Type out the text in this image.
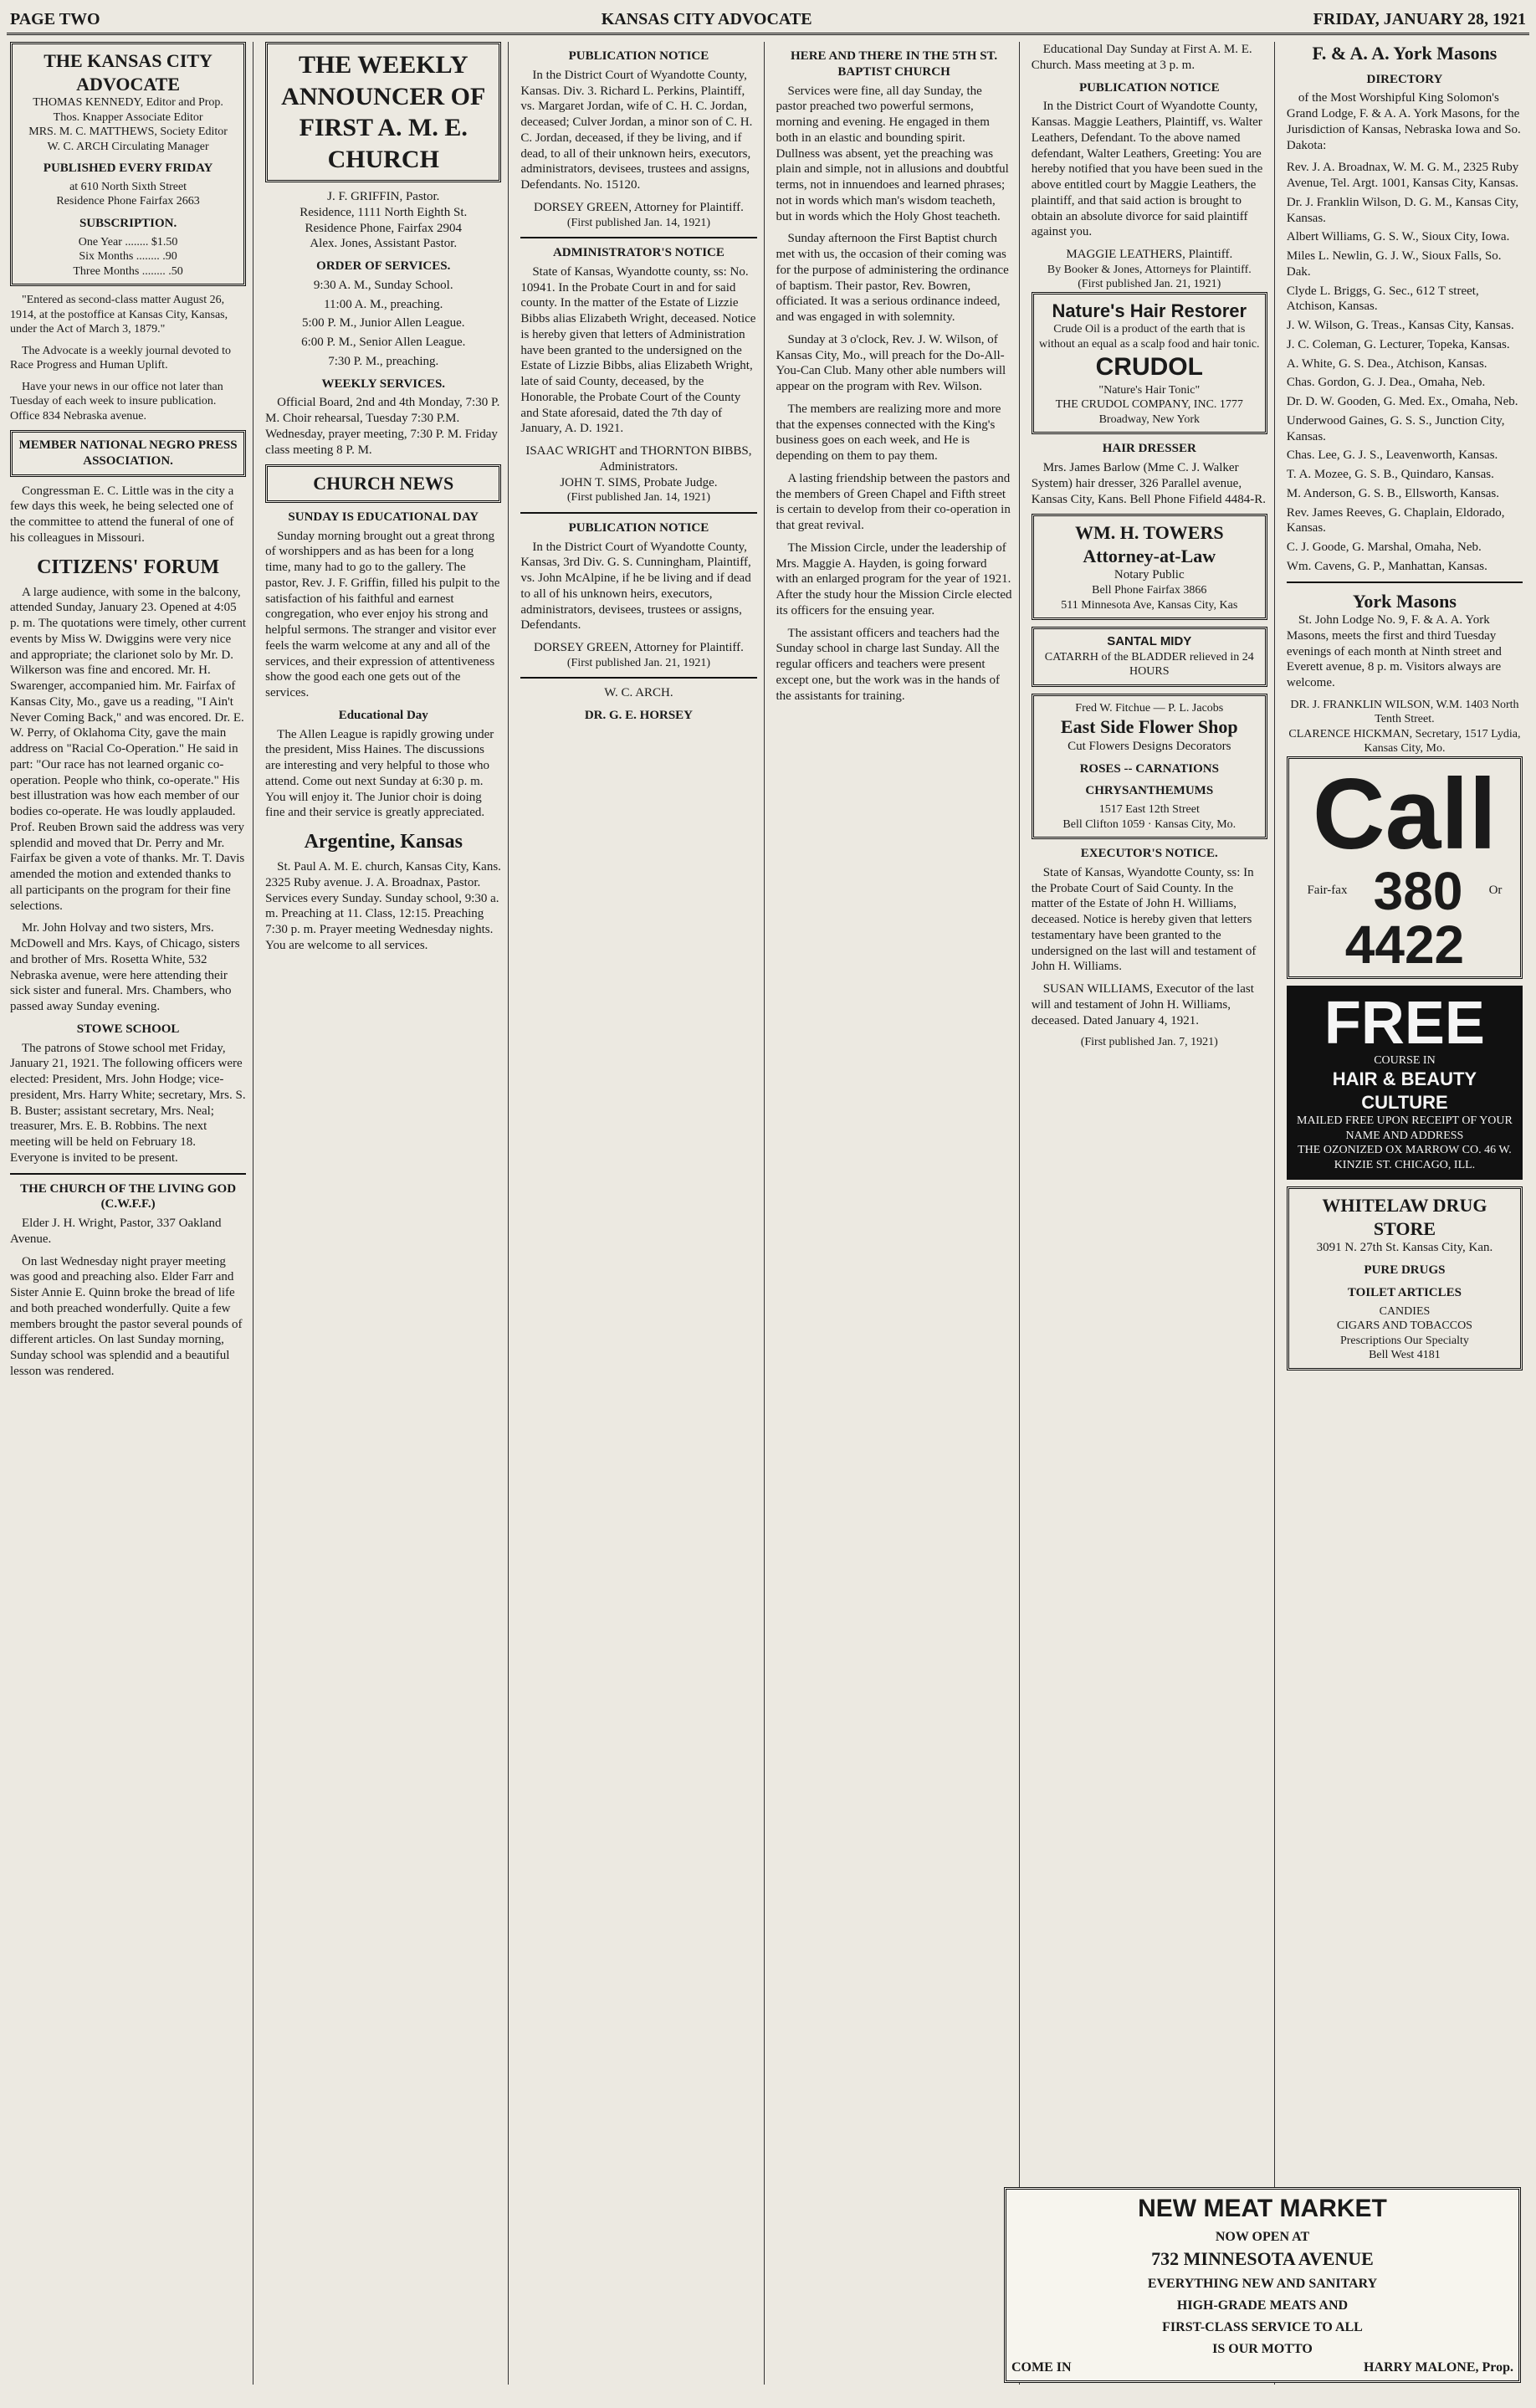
PAGE TWO	KANSAS CITY ADVOCATE	FRIDAY, JANUARY 28, 1921
THE KANSAS CITY ADVOCATE
THOMAS KENNEDY, Editor and Prop.
Thos. Knapper Associate Editor
MRS. M. C. MATTHEWS, Society Editor
W. C. ARCH Circulating Manager
PUBLISHED EVERY FRIDAY
at 610 North Sixth Street
Residence Phone Fairfax 2663
SUBSCRIPTION.
One Year ........ $1.50
Six Months ........ .90
Three Months ........ .50

"Entered as second-class matter August 26, 1914, at the postoffice at Kansas City, Kansas, under the Act of March 3, 1879."

The Advocate is a weekly journal devoted to Race Progress and Human Uplift.

Have your news in our office not later than Tuesday of each week to insure publication. Office 834 Nebraska avenue.

MEMBER NATIONAL NEGRO PRESS ASSOCIATION.

Congressman E. C. Little was in the city a few days this week, he being selected one of the committee to attend the funeral of one of his colleagues in Missouri.

CITIZENS' FORUM

A large audience, with some in the balcony, attended Sunday, January 23. Opened at 4:05 p. m. The quotations were timely, other current events by Miss W. Dwiggins were very nice and appropriate; the clarionet solo by Mr. D. Wilkerson was fine and encored. Mr. H. Swarenger, accompanied him. Mr. Fairfax of Kansas City, Mo., gave us a reading, "I Ain't Never Coming Back," and was encored. Dr. E. W. Perry, of Oklahoma City, gave the main address on "Racial Co-Operation." He said in part: "Our race has not learned organic co-operation. People who think, co-operate." His best illustration was how each member of our bodies co-operate. He was loudly applauded. Prof. Reuben Brown said the address was very splendid and moved that Dr. Perry and Mr. Fairfax be given a vote of thanks. Mr. T. Davis amended the motion and extended thanks to all participants on the program for their fine selections.

Mr. John Holvay and two sisters, Mrs. McDowell and Mrs. Kays, of Chicago, sisters and brother of Mrs. Rosetta White, 532 Nebraska avenue, were here attending their sick sister and funeral. Mrs. Chambers, who passed away Sunday evening.

STOWE SCHOOL

The patrons of Stowe school met Friday, January 21, 1921. The following officers were elected: President, Mrs. John Hodge; vice-president, Mrs. Harry White; secretary, Mrs. S. B. Buster; assistant secretary, Mrs. Neal; treasurer, Mrs. E. B. Robbins. The next meeting will be held on February 18. Everyone is invited to be present.

THE CHURCH OF THE LIVING GOD (C.W.F.F.)

Elder J. H. Wright, Pastor, 337 Oakland Avenue.

On last Wednesday night prayer meeting was good and preaching also. Elder Farr and Sister Annie E. Quinn broke the bread of life and both preached wonderfully. Quite a few members brought the pastor several pounds of different articles. On last Sunday morning, Sunday school was splendid and a beautiful lesson was rendered.

THE WEEKLY ANNOUNCER OF FIRST A. M. E. CHURCH
J. F. GRIFFIN, Pastor.
Residence, 1111 North Eighth St.
Residence Phone, Fairfax 2904
Alex. Jones, Assistant Pastor.
ORDER OF SERVICES.
9:30 A. M., Sunday School.
11:00 A. M., preaching.
5:00 P. M., Junior Allen League.
6:00 P. M., Senior Allen League.
7:30 P. M., preaching.
WEEKLY SERVICES.

Official Board, 2nd and 4th Monday, 7:30 P. M. Choir rehearsal, Tuesday 7:30 P.M. Wednesday, prayer meeting, 7:30 P. M. Friday class meeting 8 P. M.

CHURCH NEWS
SUNDAY IS EDUCATIONAL DAY

Sunday morning brought out a great throng of worshippers and as has been for a long time, many had to go to the gallery. The pastor, Rev. J. F. Griffin, filled his pulpit to the satisfaction of his faithful and earnest congregation, who ever enjoy his strong and helpful sermons. The stranger and visitor ever feels the warm welcome at any and all of the services, and their expression of attentiveness show the good each one gets out of the services.

Educational Day

The Allen League is rapidly growing under the president, Miss Haines. The discussions are interesting and very helpful to those who attend. Come out next Sunday at 6:30 p. m. You will enjoy it. The Junior choir is doing fine and their service is greatly appreciated.

Argentine, Kansas

St. Paul A. M. E. church, Kansas City, Kans. 2325 Ruby avenue. J. A. Broadnax, Pastor. Services every Sunday. Sunday school, 9:30 a. m. Preaching at 11. Class, 12:15. Preaching 7:30 p. m. Prayer meeting Wednesday nights. You are welcome to all services.

PUBLICATION NOTICE

In the District Court of Wyandotte County, Kansas. Div. 3. Richard L. Perkins, Plaintiff, vs. Margaret Jordan, wife of C. H. C. Jordan, deceased; Culver Jordan, a minor son of C. H. C. Jordan, deceased, if they be living, and if dead, to all of their unknown heirs, executors, administrators, devisees, trustees and assigns, Defendants. No. 15120.

DORSEY GREEN, Attorney for Plaintiff.
(First published Jan. 14, 1921)
ADMINISTRATOR'S NOTICE

State of Kansas, Wyandotte county, ss: No. 10941. In the Probate Court in and for said county. In the matter of the Estate of Lizzie Bibbs alias Elizabeth Wright, deceased. Notice is hereby given that letters of Administration have been granted to the undersigned on the Estate of Lizzie Bibbs, alias Elizabeth Wright, late of said County, deceased, by the Honorable, the Probate Court of the County and State aforesaid, dated the 7th day of January, A. D. 1921.

ISAAC WRIGHT and THORNTON BIBBS, Administrators.
JOHN T. SIMS, Probate Judge.
(First published Jan. 14, 1921)
PUBLICATION NOTICE

In the District Court of Wyandotte County, Kansas, 3rd Div. G. S. Cunningham, Plaintiff, vs. John McAlpine, if he be living and if dead to all of his unknown heirs, executors, administrators, devisees, trustees or assigns, Defendants.

DORSEY GREEN, Attorney for Plaintiff.
(First published Jan. 21, 1921)
W. C. ARCH.
DR. G. E. HORSEY
HERE AND THERE IN THE 5TH ST. BAPTIST CHURCH

Services were fine, all day Sunday, the pastor preached two powerful sermons, morning and evening. He engaged in them both in an elastic and bounding spirit. Dullness was absent, yet the preaching was plain and simple, not in allusions and doubtful terms, not in innuendoes and learned phrases; not in words which man's wisdom teacheth, but in words which the Holy Ghost teacheth.

Sunday afternoon the First Baptist church met with us, the occasion of their coming was for the purpose of administering the ordinance of baptism. Their pastor, Rev. Bowren, officiated. It was a serious ordinance indeed, and was engaged in with solemnity.

Sunday at 3 o'clock, Rev. J. W. Wilson, of Kansas City, Mo., will preach for the Do-All-You-Can Club. Many other able numbers will appear on the program with Rev. Wilson.

The members are realizing more and more that the expenses connected with the King's business goes on each week, and He is depending on them to pay them.

A lasting friendship between the pastors and the members of Green Chapel and Fifth street is certain to develop from their co-operation in that great revival.

The Mission Circle, under the leadership of Mrs. Maggie A. Hayden, is going forward with an enlarged program for the year of 1921. After the study hour the Mission Circle elected its officers for the ensuing year.

The assistant officers and teachers had the Sunday school in charge last Sunday. All the regular officers and teachers were present except one, but the work was in the hands of the assistants for training.

Educational Day Sunday at First A. M. E. Church. Mass meeting at 3 p. m.

PUBLICATION NOTICE

In the District Court of Wyandotte County, Kansas. Maggie Leathers, Plaintiff, vs. Walter Leathers, Defendant. To the above named defendant, Walter Leathers, Greeting: You are hereby notified that you have been sued in the above entitled court by Maggie Leathers, the plaintiff, and that said action is brought to obtain an absolute divorce for said plaintiff against you.

MAGGIE LEATHERS, Plaintiff.
By Booker & Jones, Attorneys for Plaintiff.
(First published Jan. 21, 1921)
Nature's Hair Restorer
Crude Oil is a product of the earth that is without an equal as a scalp food and hair tonic.
CRUDOL
"Nature's Hair Tonic"
THE CRUDOL COMPANY, INC. 1777 Broadway, New York
HAIR DRESSER

Mrs. James Barlow (Mme C. J. Walker System) hair dresser, 326 Parallel avenue, Kansas City, Kans. Bell Phone Fifield 4484-R.

WM. H. TOWERS
Attorney-at-Law
Notary Public
Bell Phone Fairfax 3866
511 Minnesota Ave, Kansas City, Kas
SANTAL MIDY
CATARRH of the BLADDER relieved in 24 HOURS
Fred W. Fitchue — P. L. Jacobs
East Side Flower Shop
Cut Flowers Designs Decorators
ROSES -- CARNATIONS
CHRYSANTHEMUMS
1517 East 12th Street
Bell Clifton 1059 · Kansas City, Mo.
EXECUTOR'S NOTICE.

State of Kansas, Wyandotte County, ss: In the Probate Court of Said County. In the matter of the Estate of John H. Williams, deceased. Notice is hereby given that letters testamentary have been granted to the undersigned on the last will and testament of John H. Williams.

SUSAN WILLIAMS, Executor of the last will and testament of John H. Williams, deceased. Dated January 4, 1921.

(First published Jan. 7, 1921)
F. & A. A. York Masons
DIRECTORY

of the Most Worshipful King Solomon's Grand Lodge, F. & A. A. York Masons, for the Jurisdiction of Kansas, Nebraska Iowa and So. Dakota:

Rev. J. A. Broadnax, W. M. G. M., 2325 Ruby Avenue, Tel. Argt. 1001, Kansas City, Kansas.
Dr. J. Franklin Wilson, D. G. M., Kansas City, Kansas.
Albert Williams, G. S. W., Sioux City, Iowa.
Miles L. Newlin, G. J. W., Sioux Falls, So. Dak.
Clyde L. Briggs, G. Sec., 612 T street, Atchison, Kansas.
J. W. Wilson, G. Treas., Kansas City, Kansas.
J. C. Coleman, G. Lecturer, Topeka, Kansas.
A. White, G. S. Dea., Atchison, Kansas.
Chas. Gordon, G. J. Dea., Omaha, Neb.
Dr. D. W. Gooden, G. Med. Ex., Omaha, Neb.
Underwood Gaines, G. S. S., Junction City, Kansas.
Chas. Lee, G. J. S., Leavenworth, Kansas.
T. A. Mozee, G. S. B., Quindaro, Kansas.
M. Anderson, G. S. B., Ellsworth, Kansas.
Rev. James Reeves, G. Chaplain, Eldorado, Kansas.
C. J. Goode, G. Marshal, Omaha, Neb.
Wm. Cavens, G. P., Manhattan, Kansas.
York Masons

St. John Lodge No. 9, F. & A. A. York Masons, meets the first and third Tuesday evenings of each month at Ninth street and Everett avenue, 8 p. m. Visitors always are welcome.

DR. J. FRANKLIN WILSON, W.M. 1403 North Tenth Street.
CLARENCE HICKMAN, Secretary, 1517 Lydia, Kansas City, Mo.
Call
Fair-fax 380 Or
4422
FREE
COURSE IN
HAIR & BEAUTY CULTURE
MAILED FREE UPON RECEIPT OF YOUR NAME AND ADDRESS
THE OZONIZED OX MARROW CO. 46 W. KINZIE ST. CHICAGO, ILL.
WHITELAW DRUG STORE
3091 N. 27th St. Kansas City, Kan.
PURE DRUGS
TOILET ARTICLES
CANDIES
CIGARS AND TOBACCOS
Prescriptions Our Specialty
Bell West 4181
NEW MEAT MARKET
NOW OPEN AT
732 MINNESOTA AVENUE
EVERYTHING NEW AND SANITARY
HIGH-GRADE MEATS AND
FIRST-CLASS SERVICE TO ALL
IS OUR MOTTO
COME IN	HARRY MALONE, Prop.
